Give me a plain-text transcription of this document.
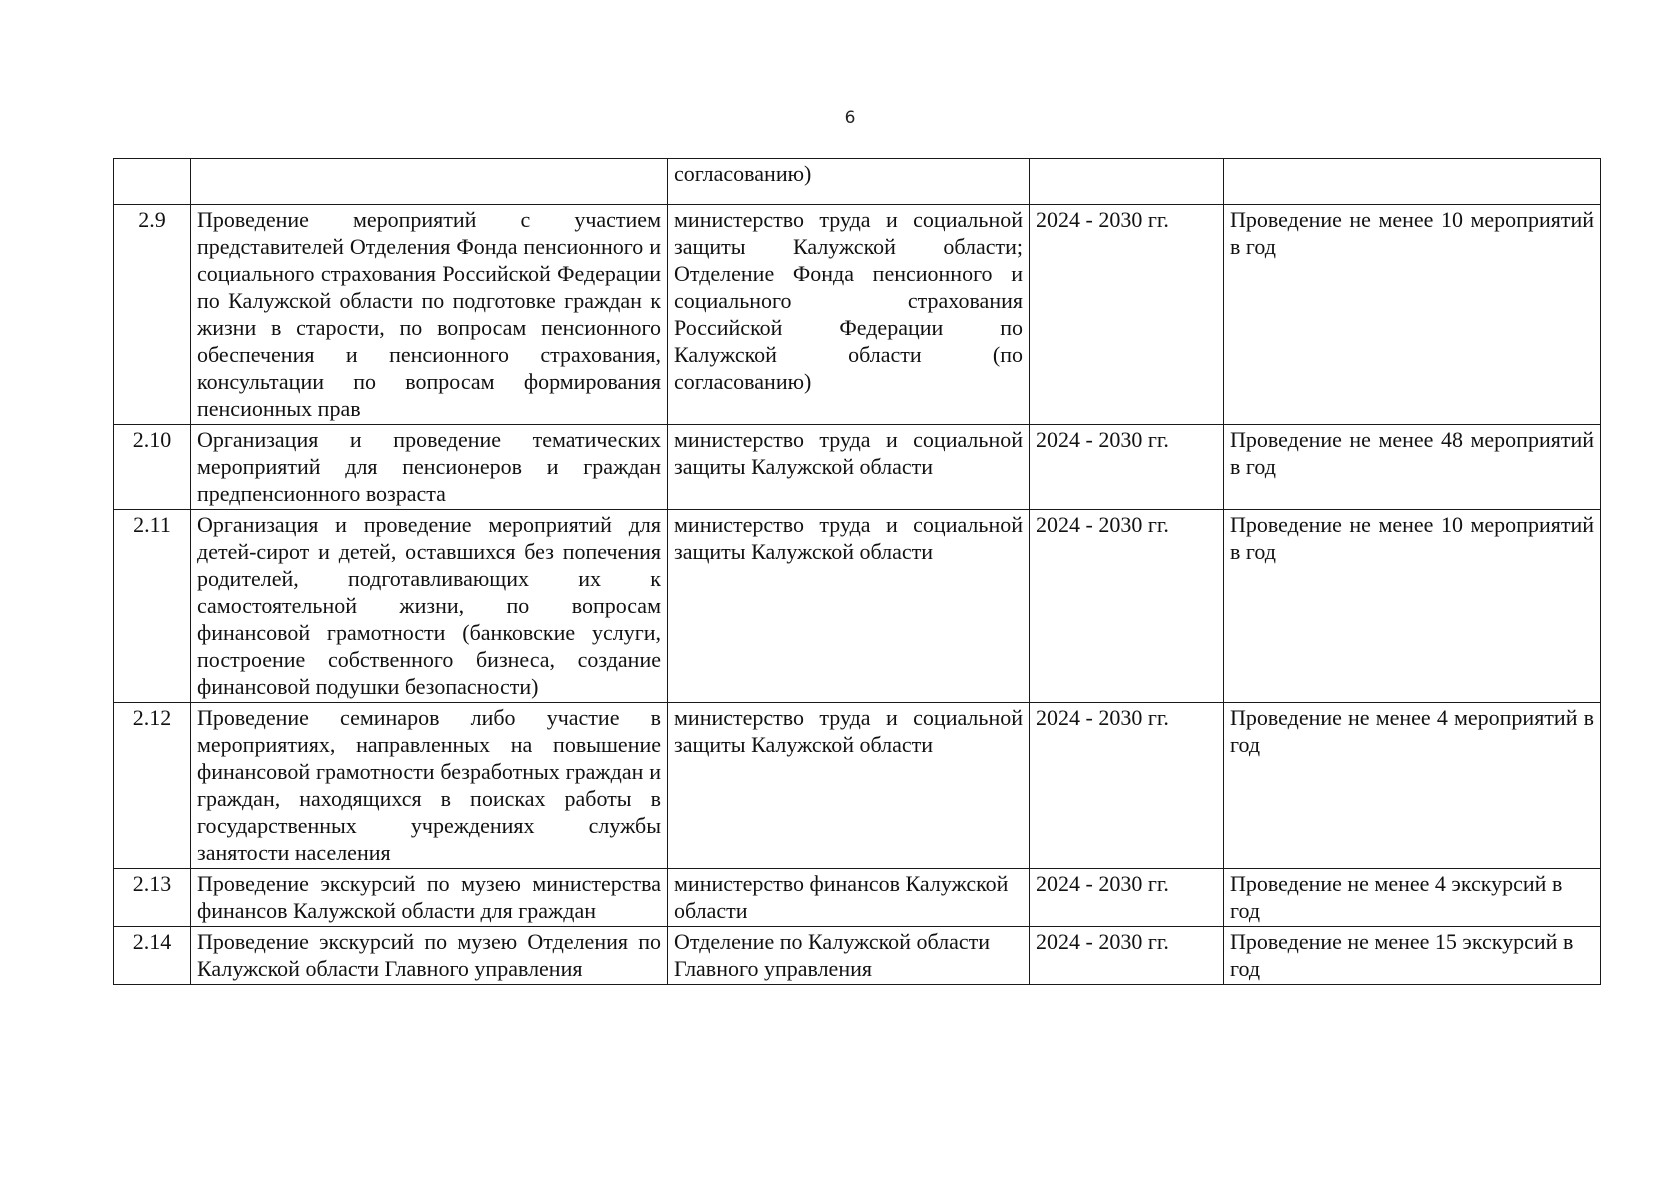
6
		согласованию)		
2.9	Проведение мероприятий с участием представителей Отделения Фонда пенсионного и социального страхования Российской Федерации по Калужской области по подготовке граждан к жизни в старости, по вопросам пенсионного обеспечения и пенсионного страхования, консультации по вопросам формирования пенсионных прав	министерство труда и социальной защиты Калужской области; Отделение Фонда пенсионного и социального страхования Российской Федерации по Калужской области (по согласованию)	2024 - 2030 гг.	Проведение не менее 10 мероприятий в год
2.10	Организация и проведение тематических мероприятий для пенсионеров и граждан предпенсионного возраста	министерство труда и социальной защиты Калужской области	2024 - 2030 гг.	Проведение не менее 48 мероприятий в год
2.11	Организация и проведение мероприятий для детей-сирот и детей, оставшихся без попечения родителей, подготавливающих их к самостоятельной жизни, по вопросам финансовой грамотности (банковские услуги, построение собственного бизнеса, создание финансовой подушки безопасности)	министерство труда и социальной защиты Калужской области	2024 - 2030 гг.	Проведение не менее 10 мероприятий в год
2.12	Проведение семинаров либо участие в мероприятиях, направленных на повышение финансовой грамотности безработных граждан и граждан, находящихся в поисках работы в государственных учреждениях службы занятости населения	министерство труда и социальной защиты Калужской области	2024 - 2030 гг.	Проведение не менее 4 мероприятий в год
2.13	Проведение экскурсий по музею министерства финансов Калужской области для граждан	министерство финансов Калужской области	2024 - 2030 гг.	Проведение не менее 4 экскурсий в год
2.14	Проведение экскурсий по музею Отделения по Калужской области Главного управления	Отделение по Калужской области Главного управления	2024 - 2030 гг.	Проведение не менее 15 экскурсий в год
